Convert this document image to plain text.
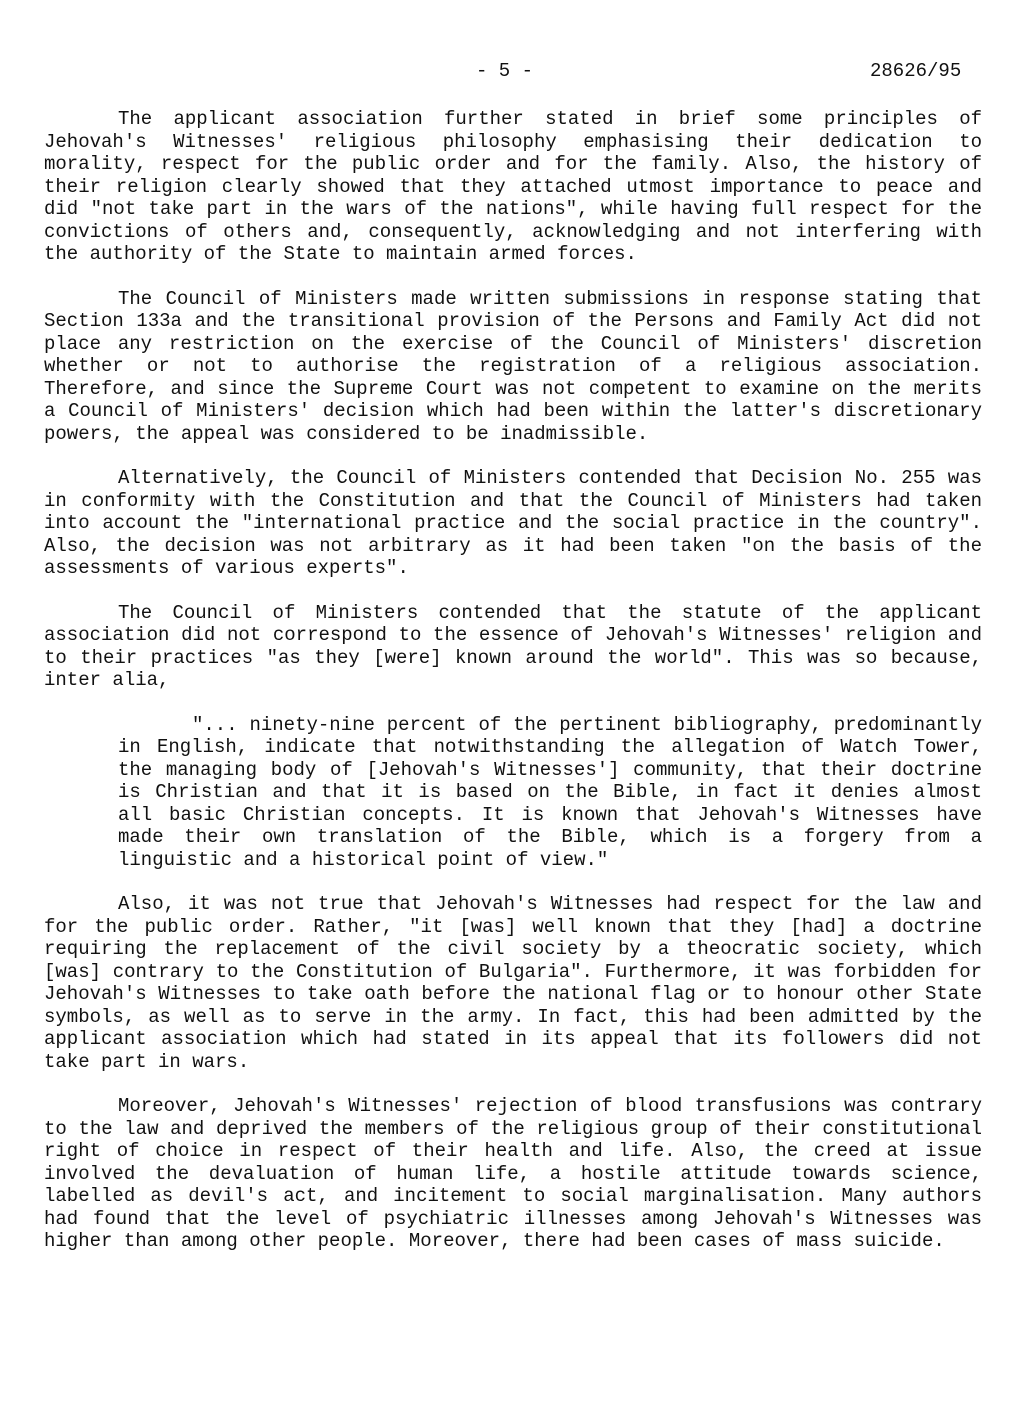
- 5 -	28626/95

The applicant association further stated in brief some principles of Jehovah's Witnesses' religious philosophy emphasising their dedication to morality, respect for the public order and for the family. Also, the history of their religion clearly showed that they attached utmost importance to peace and did "not take part in the wars of the nations", while having full respect for the convictions of others and, consequently, acknowledging and not interfering with the authority of the State to maintain armed forces.

The Council of Ministers made written submissions in response stating that Section 133a and the transitional provision of the Persons and Family Act did not place any restriction on the exercise of the Council of Ministers' discretion whether or not to authorise the registration of a religious association. Therefore, and since the Supreme Court was not competent to examine on the merits a Council of Ministers' decision which had been within the latter's discretionary powers, the appeal was considered to be inadmissible.

Alternatively, the Council of Ministers contended that Decision No. 255 was in conformity with the Constitution and that the Council of Ministers had taken into account the "international practice and the social practice in the country". Also, the decision was not arbitrary as it had been taken "on the basis of the assessments of various experts".

The Council of Ministers contended that the statute of the applicant association did not correspond to the essence of Jehovah's Witnesses' religion and to their practices "as they [were] known around the world". This was so because, inter alia,

"... ninety-nine percent of the pertinent bibliography, predominantly in English, indicate that notwithstanding the allegation of Watch Tower, the managing body of [Jehovah's Witnesses'] community, that their doctrine is Christian and that it is based on the Bible, in fact it denies almost all basic Christian concepts. It is known that Jehovah's Witnesses have made their own translation of the Bible, which is a forgery from a linguistic and a historical point of view."

Also, it was not true that Jehovah's Witnesses had respect for the law and for the public order. Rather, "it [was] well known that they [had] a doctrine requiring the replacement of the civil society by a theocratic society, which [was] contrary to the Constitution of Bulgaria". Furthermore, it was forbidden for Jehovah's Witnesses to take oath before the national flag or to honour other State symbols, as well as to serve in the army. In fact, this had been admitted by the applicant association which had stated in its appeal that its followers did not take part in wars.

Moreover, Jehovah's Witnesses' rejection of blood transfusions was contrary to the law and deprived the members of the religious group of their constitutional right of choice in respect of their health and life. Also, the creed at issue involved the devaluation of human life, a hostile attitude towards science, labelled as devil's act, and incitement to social marginalisation. Many authors had found that the level of psychiatric illnesses among Jehovah's Witnesses was higher than among other people. Moreover, there had been cases of mass suicide.
